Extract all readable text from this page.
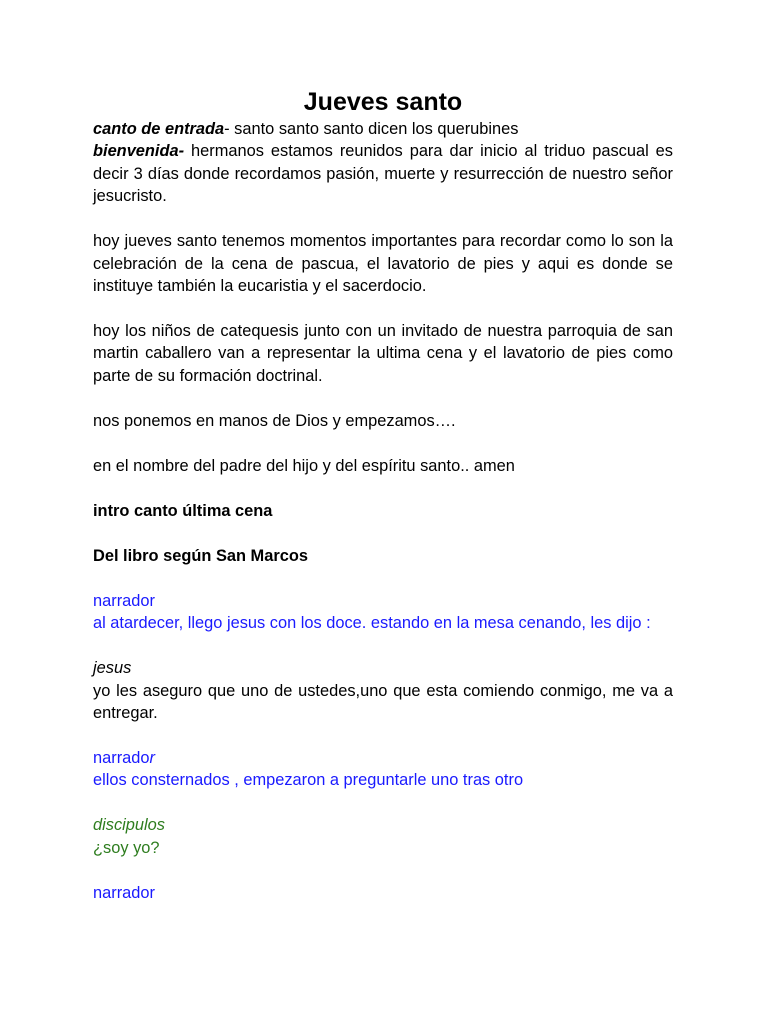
Jueves santo

canto de entrada- santo santo santo dicen los querubines

bienvenida- hermanos estamos reunidos para dar inicio al triduo pascual es decir 3 días donde recordamos pasión, muerte y resurrección de nuestro señor jesucristo.

hoy jueves santo tenemos momentos importantes para recordar como lo son la celebración de la cena de pascua, el lavatorio de pies y aqui es donde se instituye también la eucaristia y el sacerdocio.

hoy los niños de catequesis junto con un invitado de nuestra parroquia de san martin caballero van a representar la ultima cena y el lavatorio de pies como parte de su formación doctrinal.

nos ponemos en manos de Dios y empezamos….

en el nombre del padre del hijo y del espíritu santo.. amen

intro canto última cena

Del libro según San Marcos

narrador

al atardecer, llego jesus con los doce. estando en la mesa cenando, les dijo :

jesus

yo les aseguro que uno de ustedes,uno que esta comiendo conmigo, me va a entregar.

narrador

ellos consternados , empezaron a preguntarle uno tras otro

discipulos

¿soy yo?

narrador
